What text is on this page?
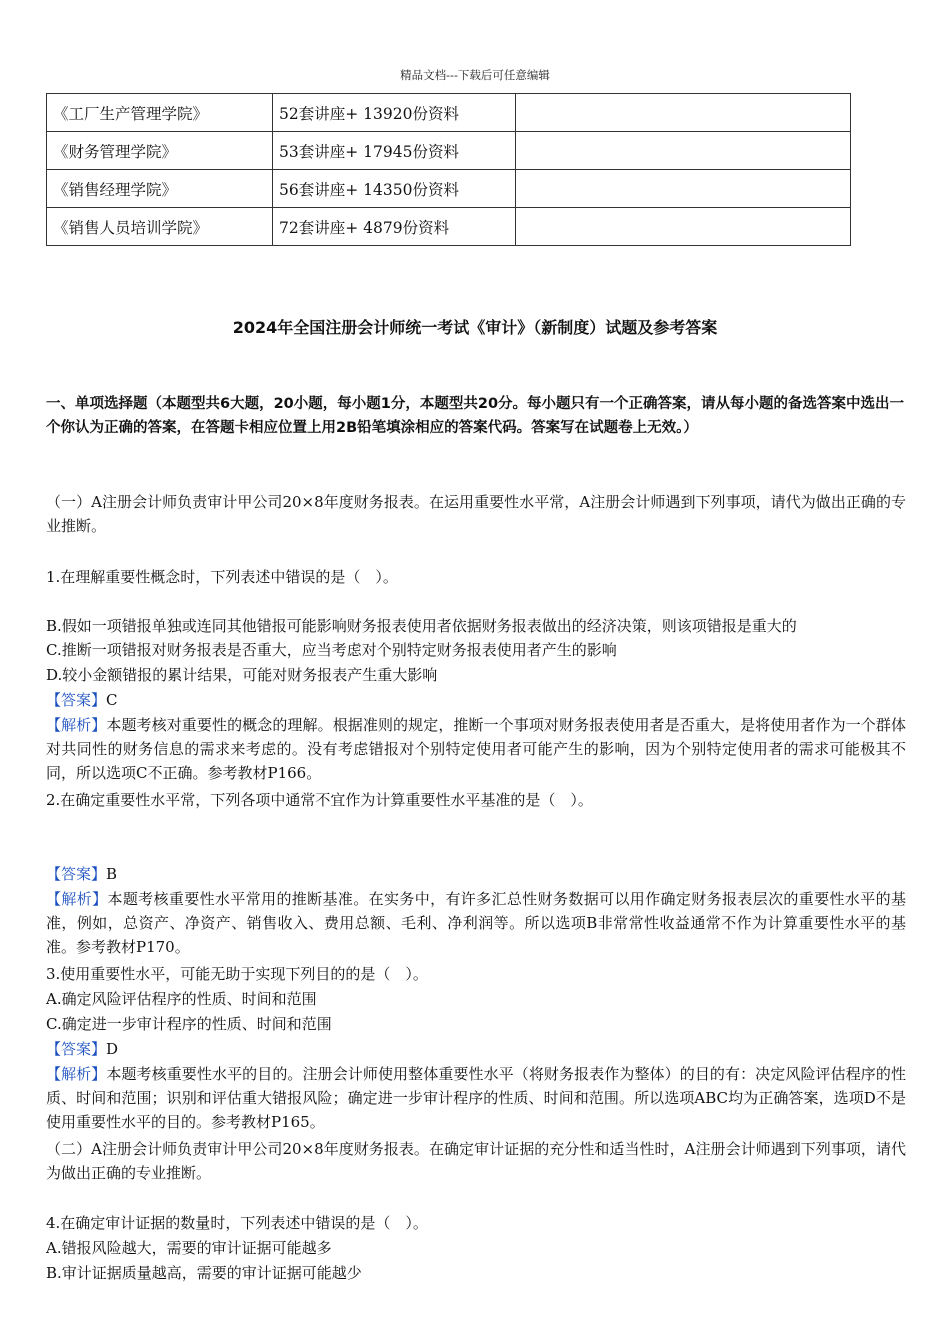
精品文档---下载后可任意编辑
《工厂生产管理学院》	52套讲座+ 13920份资料	
《财务管理学院》	53套讲座+ 17945份资料	
《销售经理学院》	56套讲座+ 14350份资料	
《销售人员培训学院》	72套讲座+ 4879份资料	
2024年全国注册会计师统一考试《审计》（新制度）试题及参考答案
一、单项选择题（本题型共6大题，20小题，每小题1分，本题型共20分。每小题只有一个正确答案，请从每小题的备选答案中选出一个你认为正确的答案，在答题卡相应位置上用2B铅笔填涂相应的答案代码。答案写在试题卷上无效。）
（一）A注册会计师负责审计甲公司20×8年度财务报表。在运用重要性水平常，A注册会计师遇到下列事项，请代为做出正确的专业推断。
1.在理解重要性概念时，下列表述中错误的是（　）。
B.假如一项错报单独或连同其他错报可能影响财务报表使用者依据财务报表做出的经济决策，则该项错报是重大的
C.推断一项错报对财务报表是否重大，应当考虑对个别特定财务报表使用者产生的影响
D.较小金额错报的累计结果，可能对财务报表产生重大影响
【答案】C
【解析】本题考核对重要性的概念的理解。根据准则的规定，推断一个事项对财务报表使用者是否重大，是将使用者作为一个群体对共同性的财务信息的需求来考虑的。没有考虑错报对个别特定使用者可能产生的影响，因为个别特定使用者的需求可能极其不同，所以选项C不正确。参考教材P166。
2.在确定重要性水平常，下列各项中通常不宜作为计算重要性水平基准的是（　）。
【答案】B
【解析】本题考核重要性水平常用的推断基准。在实务中，有许多汇总性财务数据可以用作确定财务报表层次的重要性水平的基准，例如，总资产、净资产、销售收入、费用总额、毛利、净利润等。所以选项B非常常性收益通常不作为计算重要性水平的基准。参考教材P170。
3.使用重要性水平，可能无助于实现下列目的的是（　）。
A.确定风险评估程序的性质、时间和范围
C.确定进一步审计程序的性质、时间和范围
【答案】D
【解析】本题考核重要性水平的目的。注册会计师使用整体重要性水平（将财务报表作为整体）的目的有：决定风险评估程序的性质、时间和范围；识别和评估重大错报风险；确定进一步审计程序的性质、时间和范围。所以选项ABC均为正确答案，选项D不是使用重要性水平的目的。参考教材P165。
（二）A注册会计师负责审计甲公司20×8年度财务报表。在确定审计证据的充分性和适当性时，A注册会计师遇到下列事项，请代为做出正确的专业推断。
4.在确定审计证据的数量时，下列表述中错误的是（　）。
A.错报风险越大，需要的审计证据可能越多
B.审计证据质量越高，需要的审计证据可能越少
